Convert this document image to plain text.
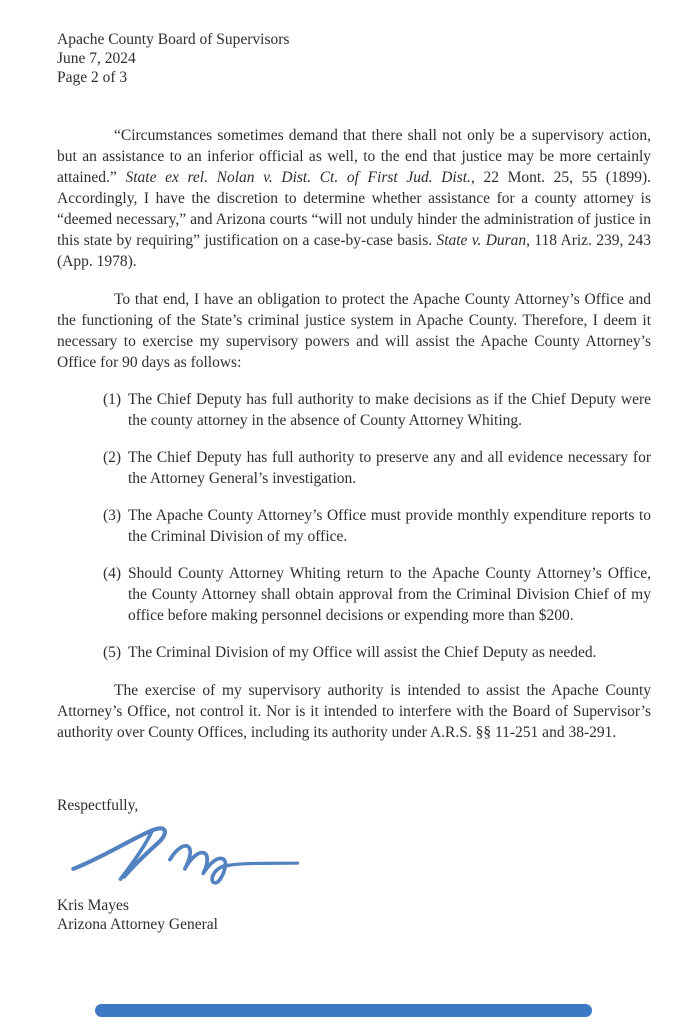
Apache County Board of Supervisors
June 7, 2024
Page 2 of 3

“Circumstances sometimes demand that there shall not only be a supervisory action, but an assistance to an inferior official as well, to the end that justice may be more certainly attained.” State ex rel. Nolan v. Dist. Ct. of First Jud. Dist., 22 Mont. 25, 55 (1899). Accordingly, I have the discretion to determine whether assistance for a county attorney is “deemed necessary,” and Arizona courts “will not unduly hinder the administration of justice in this state by requiring” justification on a case-by-case basis. State v. Duran, 118 Ariz. 239, 243 (App. 1978).

To that end, I have an obligation to protect the Apache County Attorney’s Office and the functioning of the State’s criminal justice system in Apache County. Therefore, I deem it necessary to exercise my supervisory powers and will assist the Apache County Attorney’s Office for 90 days as follows:

(1) The Chief Deputy has full authority to make decisions as if the Chief Deputy were the county attorney in the absence of County Attorney Whiting.
(2) The Chief Deputy has full authority to preserve any and all evidence necessary for the Attorney General’s investigation.
(3) The Apache County Attorney’s Office must provide monthly expenditure reports to the Criminal Division of my office.
(4) Should County Attorney Whiting return to the Apache County Attorney’s Office, the County Attorney shall obtain approval from the Criminal Division Chief of my office before making personnel decisions or expending more than $200.
(5) The Criminal Division of my Office will assist the Chief Deputy as needed.

The exercise of my supervisory authority is intended to assist the Apache County Attorney’s Office, not control it. Nor is it intended to interfere with the Board of Supervisor’s authority over County Offices, including its authority under A.R.S. §§ 11-251 and 38-291.

Respectfully,
Kris Mayes
Arizona Attorney General
